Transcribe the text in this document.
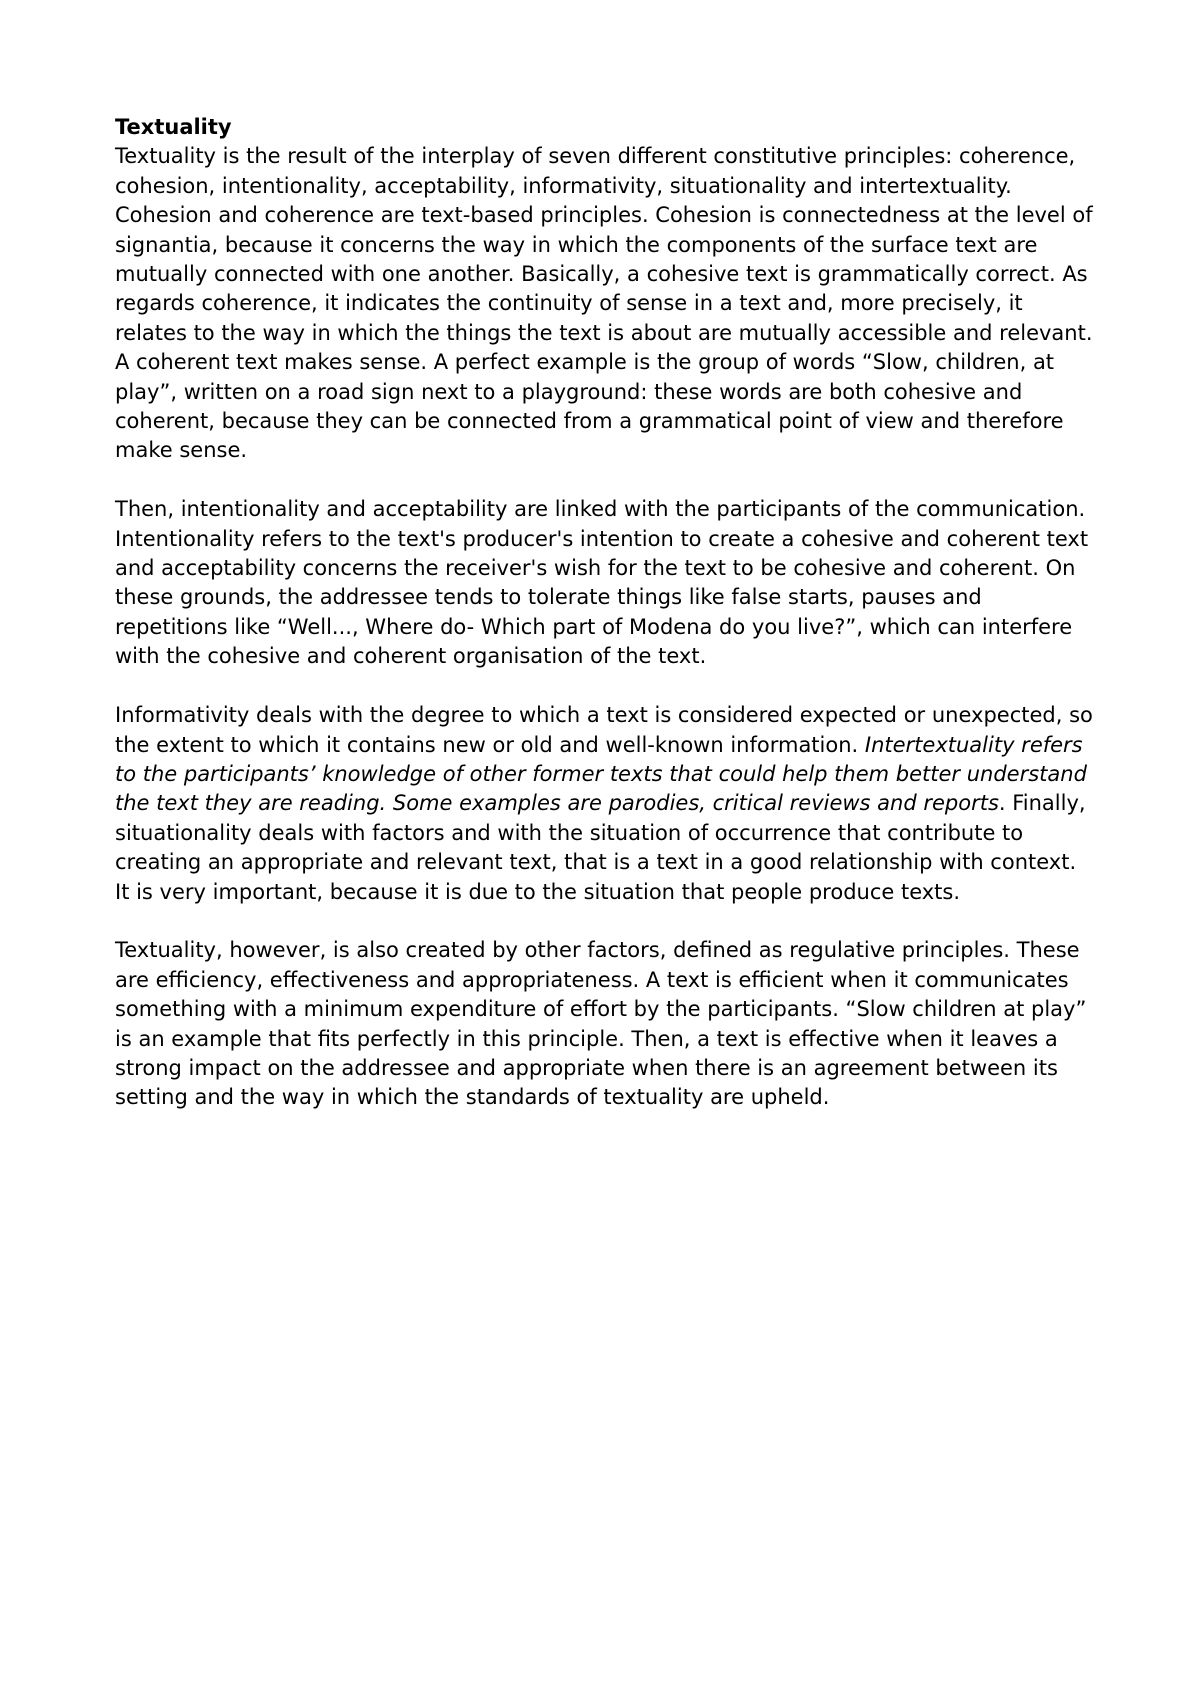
Textuality

Textuality is the result of the interplay of seven different constitutive principles: coherence, cohesion, intentionality, acceptability, informativity, situationality and intertextuality. Cohesion and coherence are text-based principles. Cohesion is connectedness at the level of signantia, because it concerns the way in which the components of the surface text are mutually connected with one another. Basically, a cohesive text is grammatically correct. As regards coherence, it indicates the continuity of sense in a text and, more precisely, it relates to the way in which the things the text is about are mutually accessible and relevant. A coherent text makes sense. A perfect example is the group of words “Slow, children, at play”, written on a road sign next to a playground: these words are both cohesive and coherent, because they can be connected from a grammatical point of view and therefore make sense.

Then, intentionality and acceptability are linked with the participants of the communication. Intentionality refers to the text's producer's intention to create a cohesive and coherent text and acceptability concerns the receiver's wish for the text to be cohesive and coherent. On these grounds, the addressee tends to tolerate things like false starts, pauses and repetitions like “Well..., Where do- Which part of Modena do you live?”, which can interfere with the cohesive and coherent organisation of the text.

Informativity deals with the degree to which a text is considered expected or unexpected, so the extent to which it contains new or old and well-known information. Intertextuality refers to the participants’ knowledge of other former texts that could help them better understand the text they are reading. Some examples are parodies, critical reviews and reports. Finally, situationality deals with factors and with the situation of occurrence that contribute to creating an appropriate and relevant text, that is a text in a good relationship with context. It is very important, because it is due to the situation that people produce texts.

Textuality, however, is also created by other factors, defined as regulative principles. These are efficiency, effectiveness and appropriateness. A text is efficient when it communicates something with a minimum expenditure of effort by the participants. “Slow children at play” is an example that fits perfectly in this principle. Then, a text is effective when it leaves a strong impact on the addressee and appropriate when there is an agreement between its setting and the way in which the standards of textuality are upheld.
